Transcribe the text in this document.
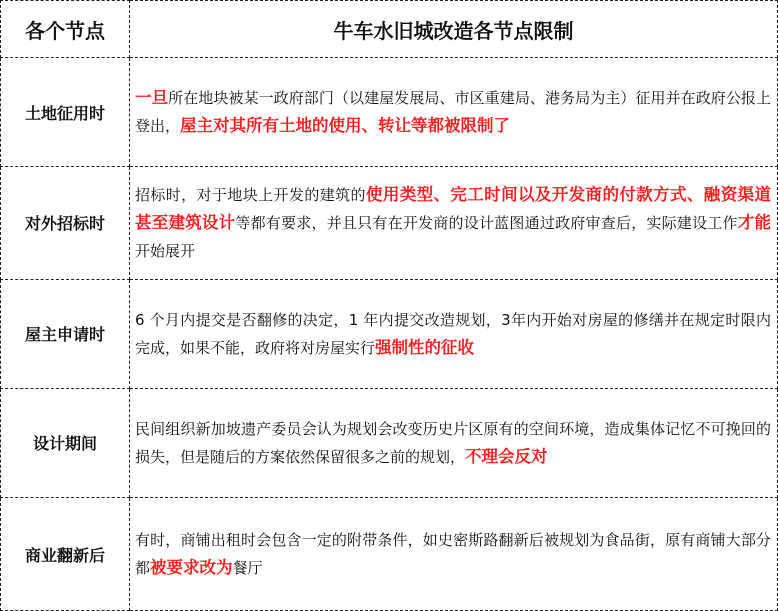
各个节点	牛车水旧城改造各节点限制
土地征用时	一旦所在地块被某一政府部门（以建屋发展局、市区重建局、港务局为主）征用并在政府公报上登出，屋主对其所有土地的使用、转让等都被限制了
对外招标时	招标时，对于地块上开发的建筑的使用类型、完工时间以及开发商的付款方式、融资渠道甚至建筑设计等都有要求，并且只有在开发商的设计蓝图通过政府审查后，实际建设工作才能开始展开
屋主申请时	6 个月内提交是否翻修的决定，1 年内提交改造规划，3年内开始对房屋的修缮并在规定时限内完成，如果不能，政府将对房屋实行强制性的征收
设计期间	民间组织新加坡遗产委员会认为规划会改变历史片区原有的空间环境，造成集体记忆不可挽回的损失，但是随后的方案依然保留很多之前的规划，不理会反对
商业翻新后	有时，商铺出租时会包含一定的附带条件，如史密斯路翻新后被规划为食品街，原有商铺大部分都被要求改为餐厅
